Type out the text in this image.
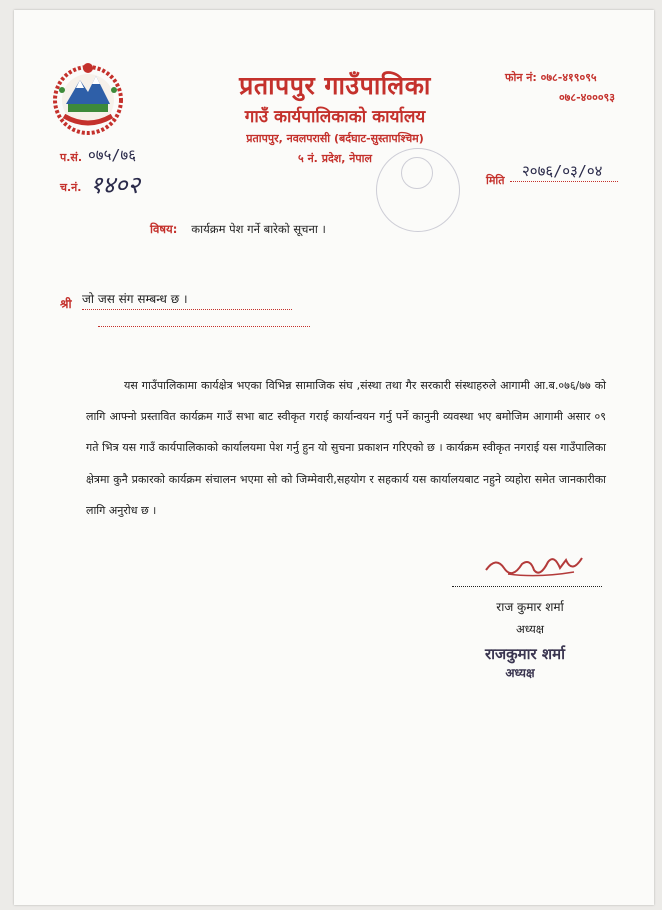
प्रतापपुर गाउँपालिका
गाउँ कार्यपालिकाको कार्यालय
प्रतापपुर, नवलपरासी (बर्दघाट-सुस्तापश्चिम)
५ नं. प्रदेश, नेपाल
फोन नं: ०७८-४१९०९५
०७८-४०००९३
प.सं. ०७५/७६
च.नं. १४०२	मिति
२०७६/०३/०४
विषय: कार्यक्रम पेश गर्ने बारेको सूचना ।
श्री जो जस संग सम्बन्ध छ ।
यस गाउँपालिकामा कार्यक्षेत्र भएका विभिन्न सामाजिक संघ ,संस्था तथा गैर सरकारी संस्थाहरुले आगामी आ.ब.०७६/७७ को लागि आफ्नो प्रस्तावित कार्यक्रम गाउँ सभा बाट स्वीकृत गराई कार्यान्वयन गर्नु पर्ने कानुनी व्यवस्था भए बमोजिम आगामी असार ०९ गते भित्र यस गाउँ कार्यपालिकाको कार्यालयमा पेश गर्नु हुन यो सुचना प्रकाशन गरिएको छ । कार्यक्रम स्वीकृत नगराई यस गाउँपालिका क्षेत्रमा कुनै प्रकारको कार्यक्रम संचालन भएमा सो को जिम्मेवारी,सहयोग र सहकार्य यस कार्यालयबाट नहुने व्यहोरा समेत जानकारीका लागि अनुरोध छ ।
राज कुमार शर्मा
अध्यक्ष
राजकुमार शर्मा
अध्यक्ष
